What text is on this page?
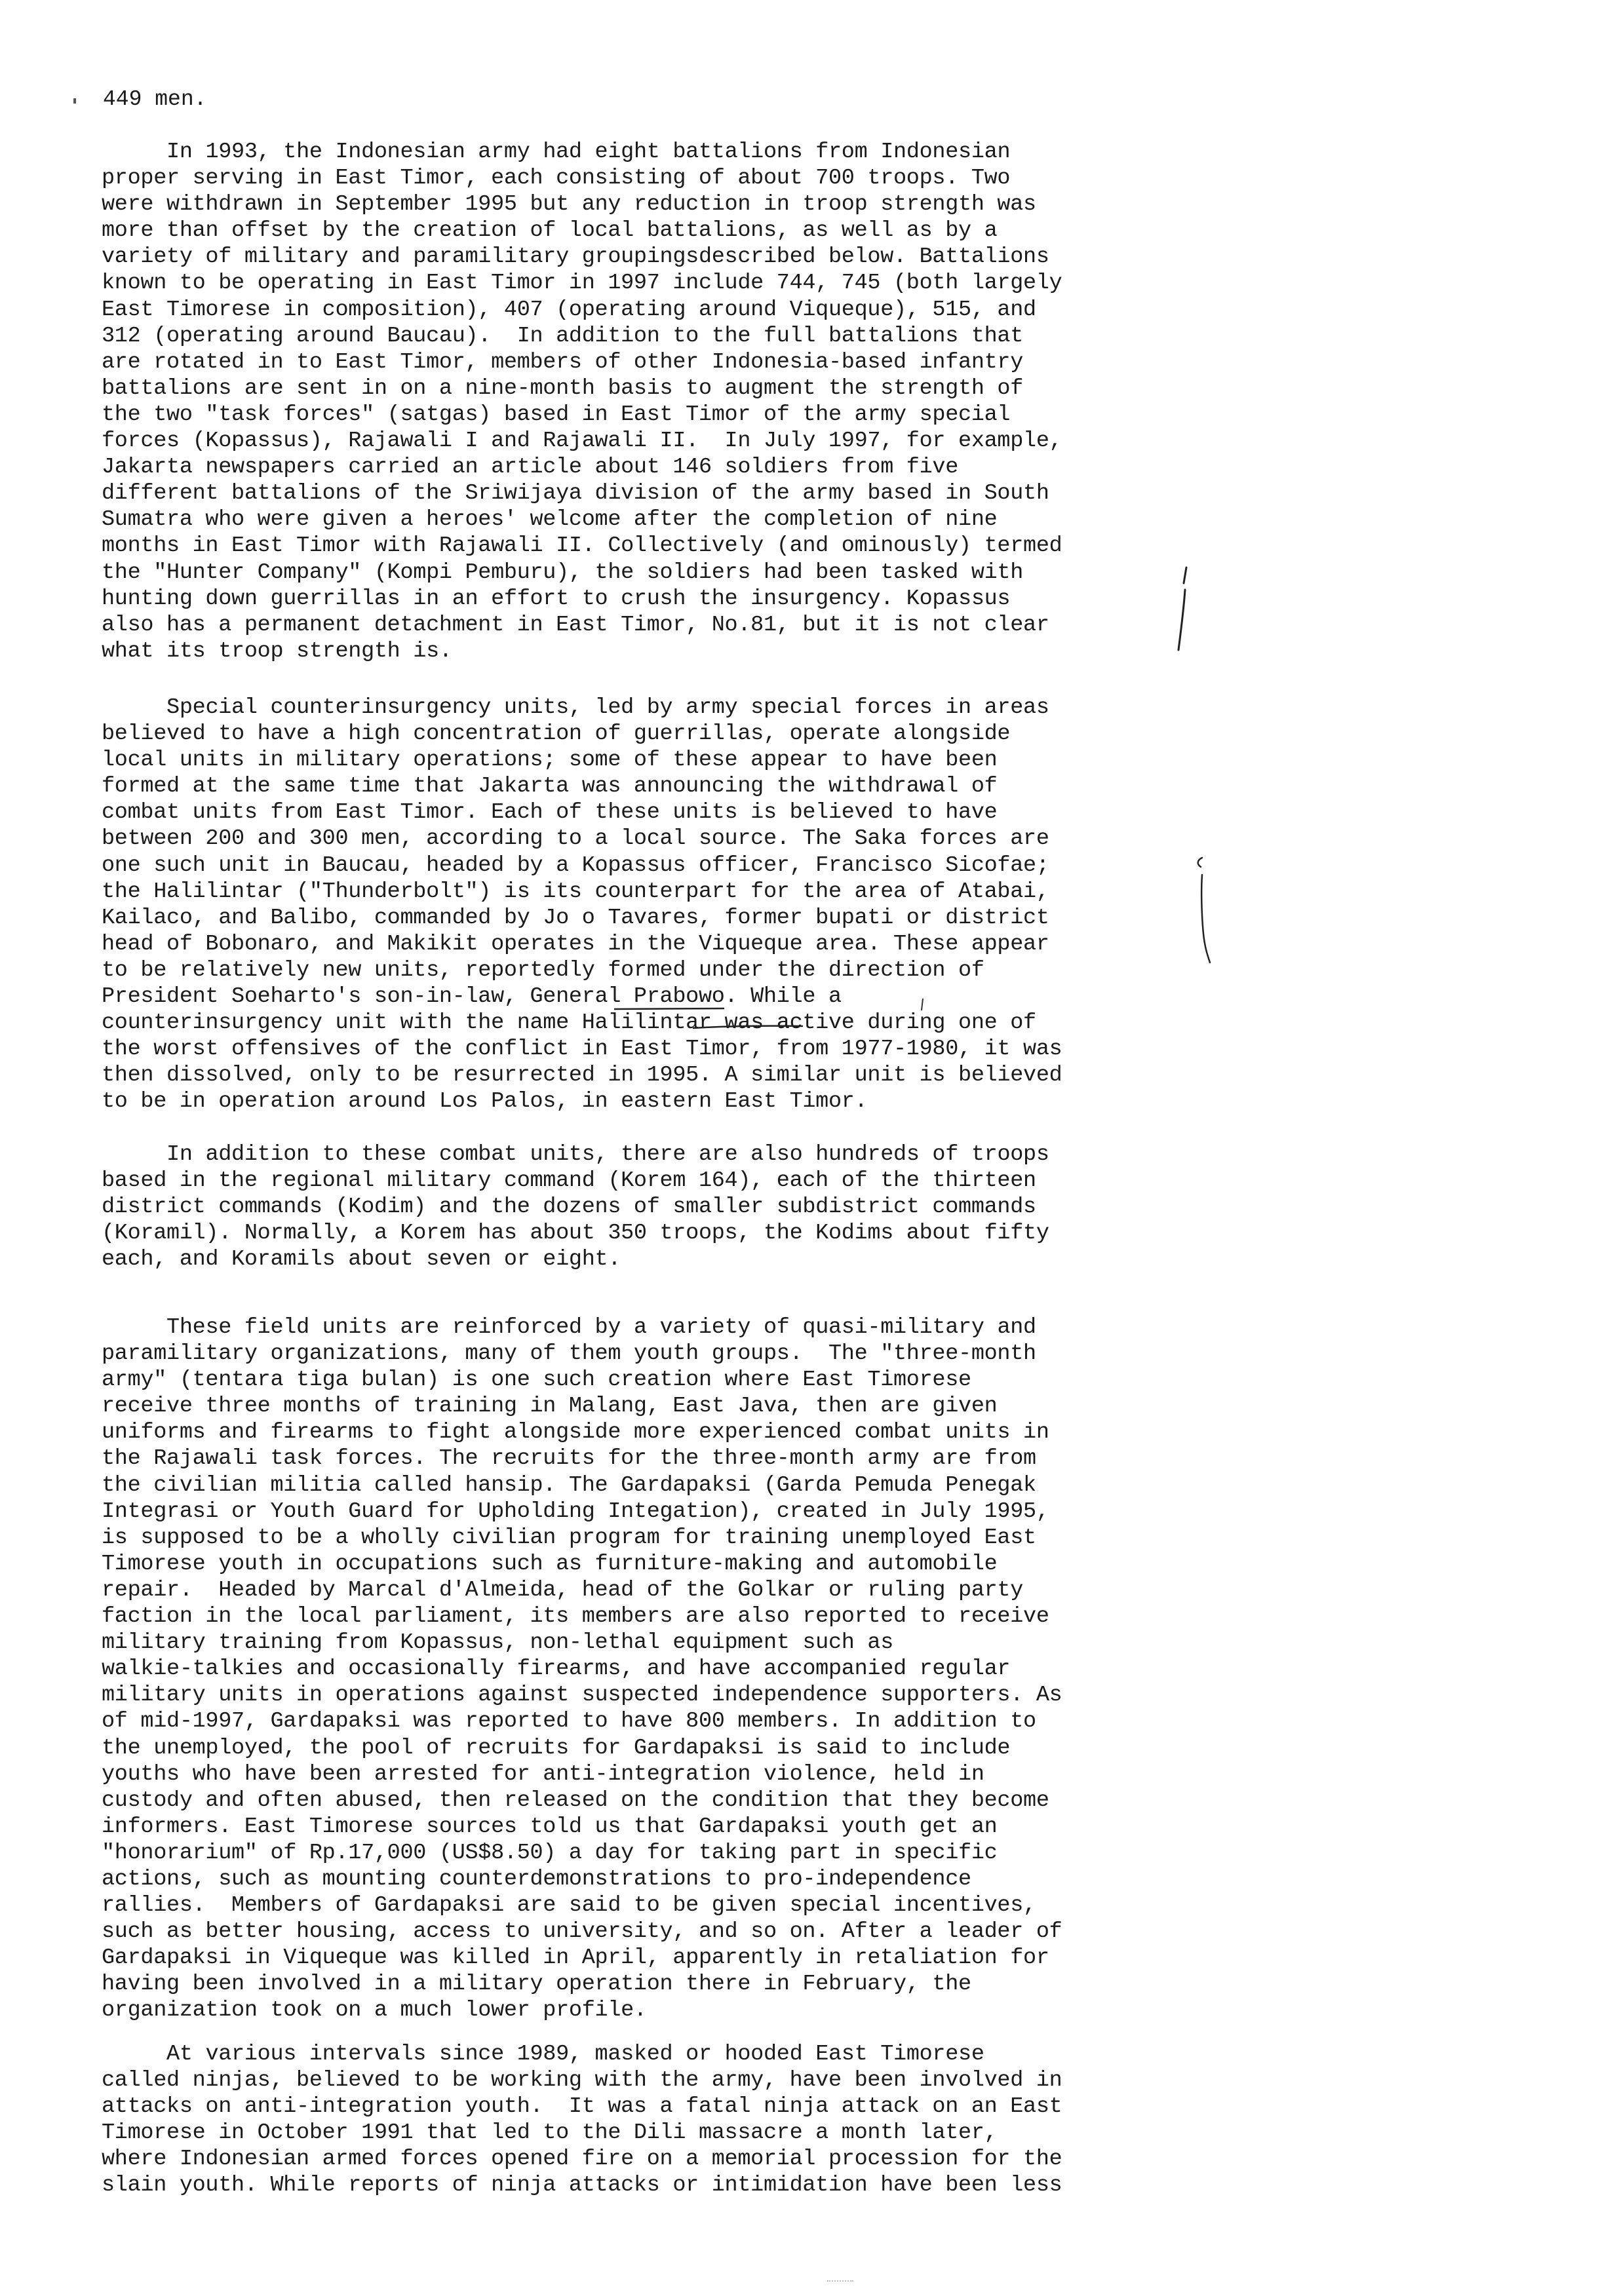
449 men.

In 1993, the Indonesian army had eight battalions from Indonesian
proper serving in East Timor, each consisting of about 700 troops. Two
were withdrawn in September 1995 but any reduction in troop strength was
more than offset by the creation of local battalions, as well as by a
variety of military and paramilitary groupingsdescribed below. Battalions
known to be operating in East Timor in 1997 include 744, 745 (both largely
East Timorese in composition), 407 (operating around Viqueque), 515, and
312 (operating around Baucau).  In addition to the full battalions that
are rotated in to East Timor, members of other Indonesia-based infantry
battalions are sent in on a nine-month basis to augment the strength of
the two "task forces" (satgas) based in East Timor of the army special
forces (Kopassus), Rajawali I and Rajawali II.  In July 1997, for example,
Jakarta newspapers carried an article about 146 soldiers from five
different battalions of the Sriwijaya division of the army based in South
Sumatra who were given a heroes' welcome after the completion of nine
months in East Timor with Rajawali II. Collectively (and ominously) termed
the "Hunter Company" (Kompi Pemburu), the soldiers had been tasked with
hunting down guerrillas in an effort to crush the insurgency. Kopassus
also has a permanent detachment in East Timor, No.81, but it is not clear
what its troop strength is.

Special counterinsurgency units, led by army special forces in areas
believed to have a high concentration of guerrillas, operate alongside
local units in military operations; some of these appear to have been
formed at the same time that Jakarta was announcing the withdrawal of
combat units from East Timor. Each of these units is believed to have
between 200 and 300 men, according to a local source. The Saka forces are
one such unit in Baucau, headed by a Kopassus officer, Francisco Sicofae;
the Halilintar ("Thunderbolt") is its counterpart for the area of Atabai,
Kailaco, and Balibo, commanded by Jo o Tavares, former bupati or district
head of Bobonaro, and Makikit operates in the Viqueque area. These appear
to be relatively new units, reportedly formed under the direction of
President Soeharto's son-in-law, General Prabowo. While a
counterinsurgency unit with the name Halilintar was active during one of
the worst offensives of the conflict in East Timor, from 1977-1980, it was
then dissolved, only to be resurrected in 1995. A similar unit is believed
to be in operation around Los Palos, in eastern East Timor.

In addition to these combat units, there are also hundreds of troops
based in the regional military command (Korem 164), each of the thirteen
district commands (Kodim) and the dozens of smaller subdistrict commands
(Koramil). Normally, a Korem has about 350 troops, the Kodims about fifty
each, and Koramils about seven or eight.

These field units are reinforced by a variety of quasi-military and
paramilitary organizations, many of them youth groups.  The "three-month
army" (tentara tiga bulan) is one such creation where East Timorese
receive three months of training in Malang, East Java, then are given
uniforms and firearms to fight alongside more experienced combat units in
the Rajawali task forces. The recruits for the three-month army are from
the civilian militia called hansip. The Gardapaksi (Garda Pemuda Penegak
Integrasi or Youth Guard for Upholding Integation), created in July 1995,
is supposed to be a wholly civilian program for training unemployed East
Timorese youth in occupations such as furniture-making and automobile
repair.  Headed by Marcal d'Almeida, head of the Golkar or ruling party
faction in the local parliament, its members are also reported to receive
military training from Kopassus, non-lethal equipment such as
walkie-talkies and occasionally firearms, and have accompanied regular
military units in operations against suspected independence supporters. As
of mid-1997, Gardapaksi was reported to have 800 members. In addition to
the unemployed, the pool of recruits for Gardapaksi is said to include
youths who have been arrested for anti-integration violence, held in
custody and often abused, then released on the condition that they become
informers. East Timorese sources told us that Gardapaksi youth get an
"honorarium" of Rp.17,000 (US$8.50) a day for taking part in specific
actions, such as mounting counterdemonstrations to pro-independence
rallies.  Members of Gardapaksi are said to be given special incentives,
such as better housing, access to university, and so on. After a leader of
Gardapaksi in Viqueque was killed in April, apparently in retaliation for
having been involved in a military operation there in February, the
organization took on a much lower profile.

At various intervals since 1989, masked or hooded East Timorese
called ninjas, believed to be working with the army, have been involved in
attacks on anti-integration youth.  It was a fatal ninja attack on an East
Timorese in October 1991 that led to the Dili massacre a month later,
where Indonesian armed forces opened fire on a memorial procession for the
slain youth. While reports of ninja attacks or intimidation have been less
